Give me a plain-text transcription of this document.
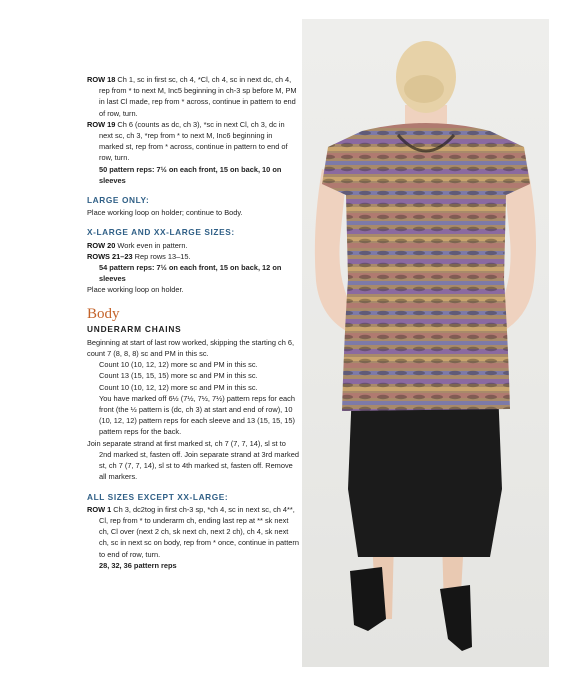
ROW 18 Ch 1, sc in first sc, ch 4, *Cl, ch 4, sc in next dc, ch 4, rep from * to next M, Inc5 beginning in ch-3 sp before M, PM in last Cl made, rep from * across, continue in pattern to end of row, turn.

ROW 19 Ch 6 (counts as dc, ch 3), *sc in next Cl, ch 3, dc in next sc, ch 3, *rep from * to next M, Inc6 beginning in marked st, rep from * across, continue in pattern to end of row, turn.

50 pattern reps: 7½ on each front, 15 on back, 10 on sleeves

LARGE ONLY:

Place working loop on holder; continue to Body.

X-LARGE AND XX-LARGE SIZES:

ROW 20 Work even in pattern.

ROWS 21–23 Rep rows 13–15.

54 pattern reps: 7½ on each front, 15 on back, 12 on sleeves

Place working loop on holder.

Body
UNDERARM CHAINS

Beginning at start of last row worked, skipping the starting ch 6, count 7 (8, 8, 8) sc and PM in this sc.

Count 10 (10, 12, 12) more sc and PM in this sc.

Count 13 (15, 15, 15) more sc and PM in this sc.

Count 10 (10, 12, 12) more sc and PM in this sc.

You have marked off 6½ (7½, 7½, 7½) pattern reps for each front (the ½ pattern is (dc, ch 3) at start and end of row), 10 (10, 12, 12) pattern reps for each sleeve and 13 (15, 15, 15) pattern reps for the back.

Join separate strand at first marked st, ch 7 (7, 7, 14), sl st to 2nd marked st, fasten off. Join separate strand at 3rd marked st, ch 7 (7, 7, 14), sl st to 4th marked st, fasten off. Remove all markers.

ALL SIZES EXCEPT XX-LARGE:

ROW 1 Ch 3, dc2tog in first ch-3 sp, *ch 4, sc in next sc, ch 4**, Cl, rep from * to underarm ch, ending last rep at ** sk next ch, Cl over (next 2 ch, sk next ch, next 2 ch), ch 4, sk next ch, sc in next sc on body, rep from * once, continue in pattern to end of row, turn.

28, 32, 36 pattern reps
